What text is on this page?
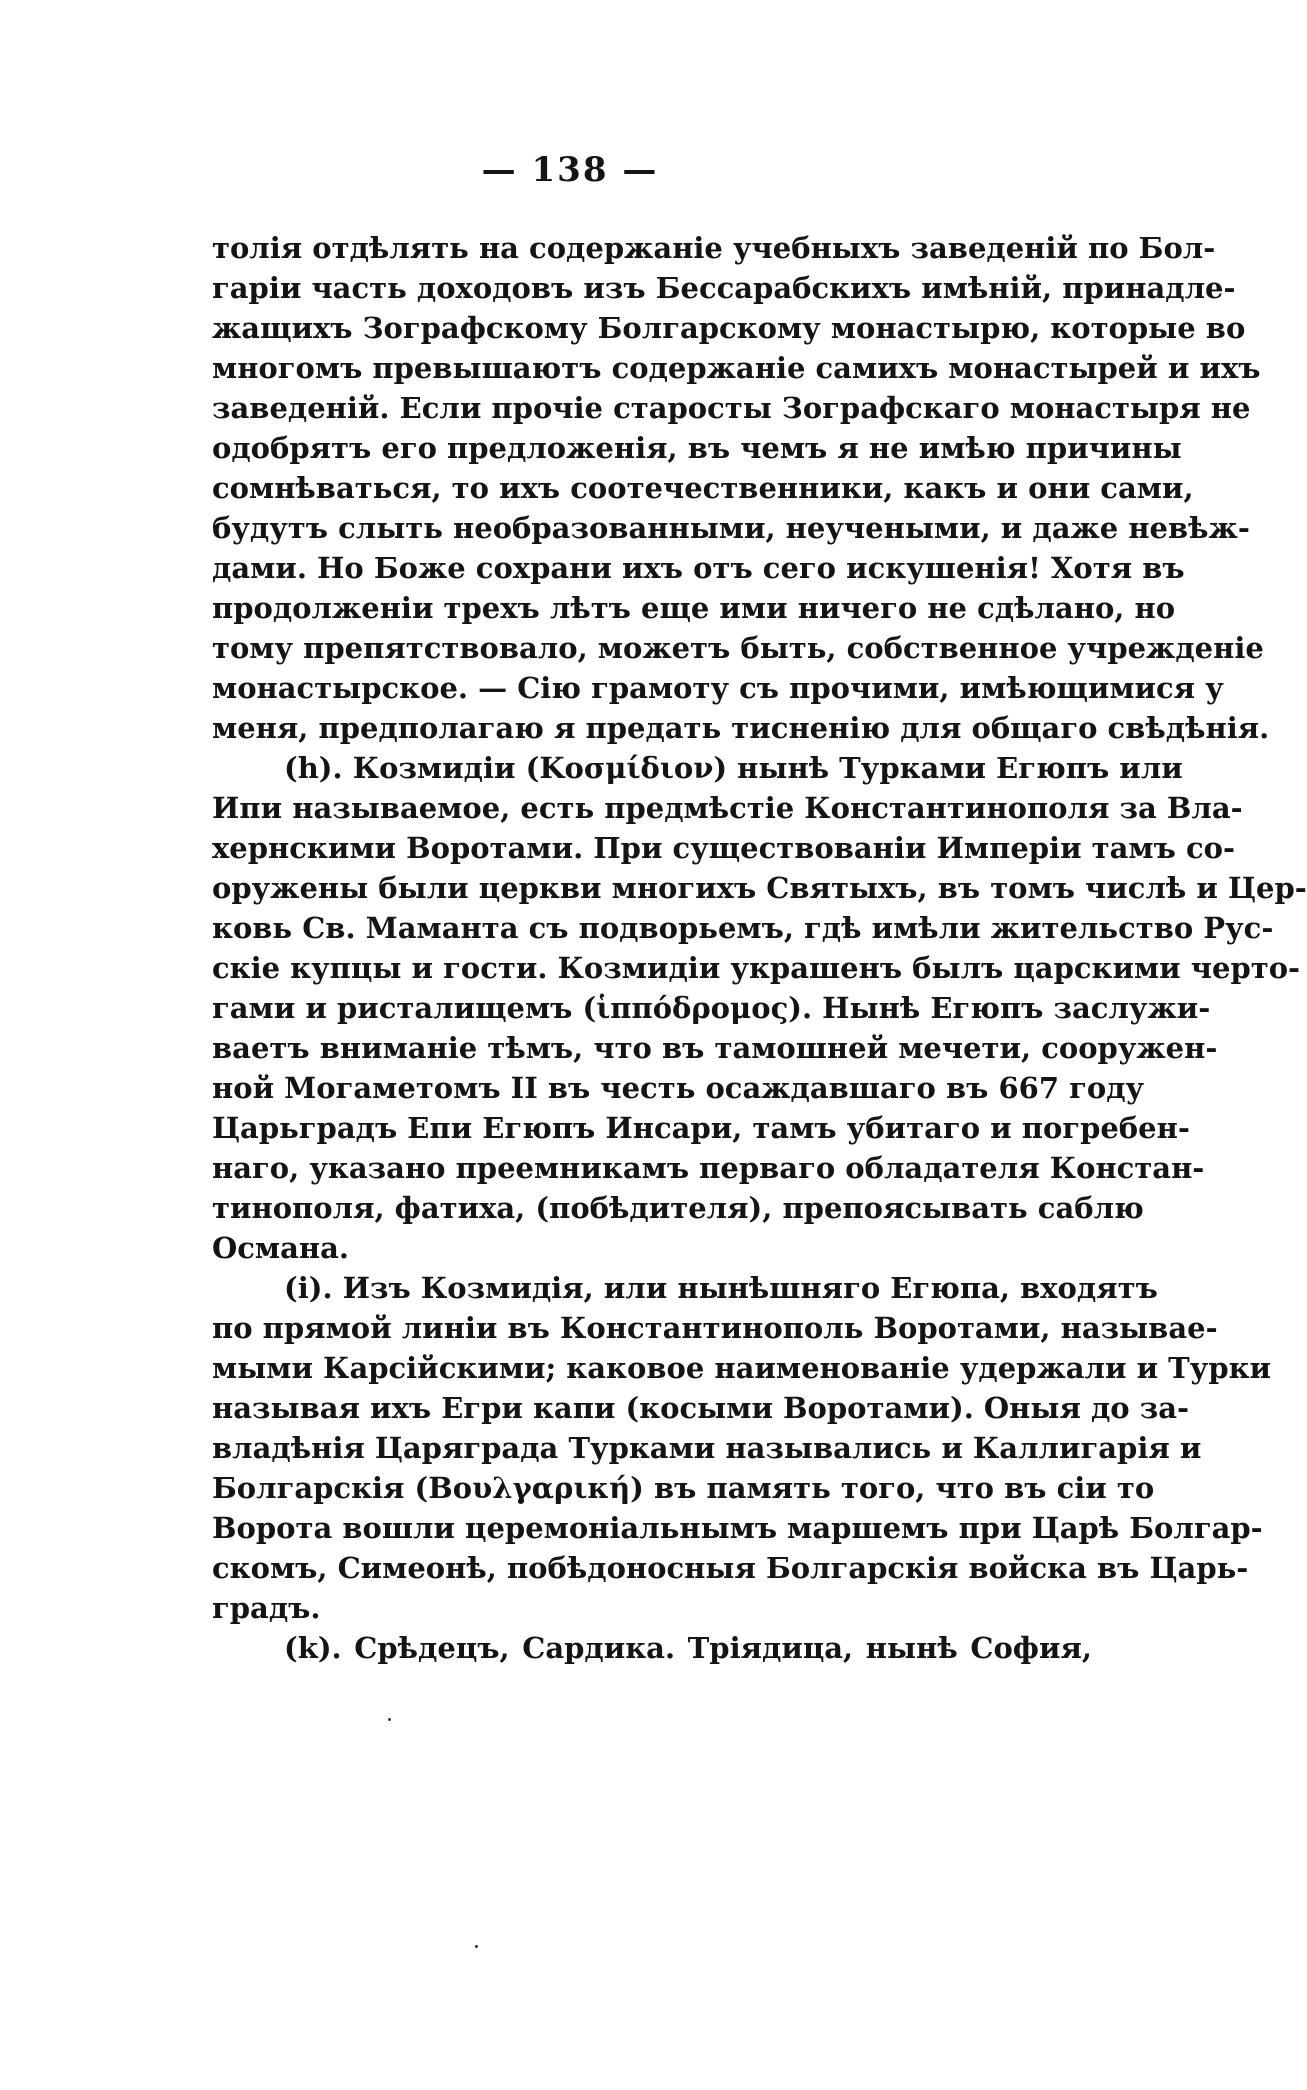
— 138 —
толія отдѣлять на содержаніе учебныхъ заведеній по Бол-
гаріи часть доходовъ изъ Бессарабскихъ имѣній, принадле-
жащихъ Зографскому Болгарскому монастырю, которые во
многомъ превышаютъ содержаніе самихъ монастырей и ихъ
заведеній. Если прочіе старосты Зографскаго монастыря не
одобрятъ его предложенія, въ чемъ я не имѣю причины
сомнѣваться, то ихъ соотечественники, какъ и они сами,
будутъ слыть необразованными, неучеными, и даже невѣж-
дами. Но Боже сохрани ихъ отъ сего искушенія! Хотя въ
продолженіи трехъ лѣтъ еще ими ничего не сдѣлано, но
тому препятствовало, можетъ быть, собственное учрежденіе
монастырское. — Сію грамоту съ прочими, имѣющимися у
меня, предполагаю я предать тисненію для общаго свѣдѣнія.
(h). Козмидіи (Κοσμίδιον) нынѣ Турками Егюпъ или
Ипи называемое, есть предмѣстіе Константинополя за Вла-
хернскими Воротами. При существованіи Имперіи тамъ со-
оружены были церкви многихъ Святыхъ, въ томъ числѣ и Цер-
ковь Св. Маманта съ подворьемъ, гдѣ имѣли жительство Рус-
скіе купцы и гости. Козмидіи украшенъ былъ царскими черто-
гами и ристалищемъ (ἱππόδρομος). Нынѣ Егюпъ заслужи-
ваетъ вниманіе тѣмъ, что въ тамошней мечети, сооружен-
ной Могаметомъ II въ честь осаждавшаго въ 667 году
Царьградъ Епи Егюпъ Инсари, тамъ убитаго и погребен-
наго, указано преемникамъ перваго обладателя Констан-
тинополя, фатиха, (побѣдителя), препоясывать саблю
Османа.
(i). Изъ Козмидія, или нынѣшняго Егюпа, входятъ
по прямой линіи въ Константинополь Воротами, называе-
мыми Карсійскими; каковое наименованіе удержали и Турки
называя ихъ Егри капи (косыми Воротами). Оныя до за-
владѣнія Царяграда Турками назывались и Каллигарія и
Болгарскія (Βουλγαρική) въ память того, что въ сіи то
Ворота вошли церемоніальнымъ маршемъ при Царѣ Болгар-
скомъ, Симеонѣ, побѣдоносныя Болгарскія войска въ Царь-
градъ.
(k). Срѣдецъ, Сардика. Тріядица, нынѣ София,
